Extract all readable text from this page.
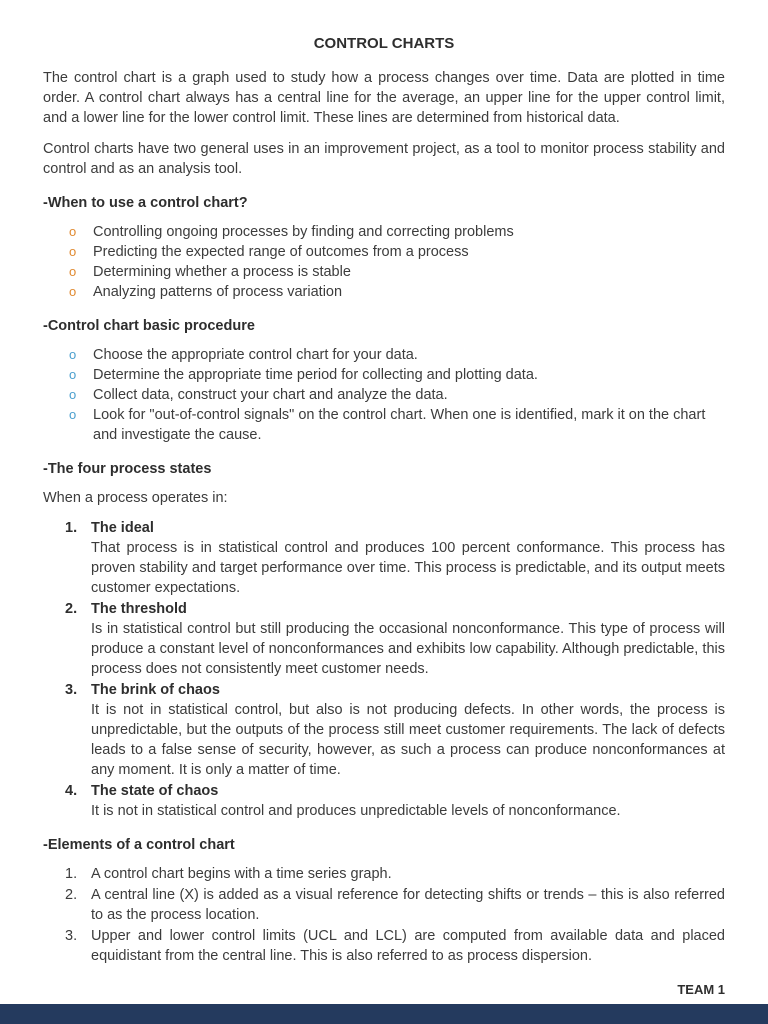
CONTROL CHARTS

The control chart is a graph used to study how a process changes over time. Data are plotted in time order. A control chart always has a central line for the average, an upper line for the upper control limit, and a lower line for the lower control limit. These lines are determined from historical data.

Control charts have two general uses in an improvement project, as a tool to monitor process stability and control and as an analysis tool.

-When to use a control chart?
o	Controlling ongoing processes by finding and correcting problems
o	Predicting the expected range of outcomes from a process
o	Determining whether a process is stable
o	Analyzing patterns of process variation
-Control chart basic procedure
o	Choose the appropriate control chart for your data.
o	Determine the appropriate time period for collecting and plotting data.
o	Collect data, construct your chart and analyze the data.
o	Look for "out-of-control signals" on the control chart. When one is identified, mark it on the chart and investigate the cause.
-The four process states

When a process operates in:

1. The ideal
That process is in statistical control and produces 100 percent conformance. This process has proven stability and target performance over time. This process is predictable, and its output meets customer expectations.
2. The threshold
Is in statistical control but still producing the occasional nonconformance. This type of process will produce a constant level of nonconformances and exhibits low capability. Although predictable, this process does not consistently meet customer needs.
3. The brink of chaos
It is not in statistical control, but also is not producing defects. In other words, the process is unpredictable, but the outputs of the process still meet customer requirements. The lack of defects leads to a false sense of security, however, as such a process can produce nonconformances at any moment. It is only a matter of time.
4. The state of chaos
It is not in statistical control and produces unpredictable levels of nonconformance.
-Elements of a control chart
1. A control chart begins with a time series graph.
2. A central line (X) is added as a visual reference for detecting shifts or trends – this is also referred to as the process location.
3. Upper and lower control limits (UCL and LCL) are computed from available data and placed equidistant from the central line. This is also referred to as process dispersion.
TEAM 1
